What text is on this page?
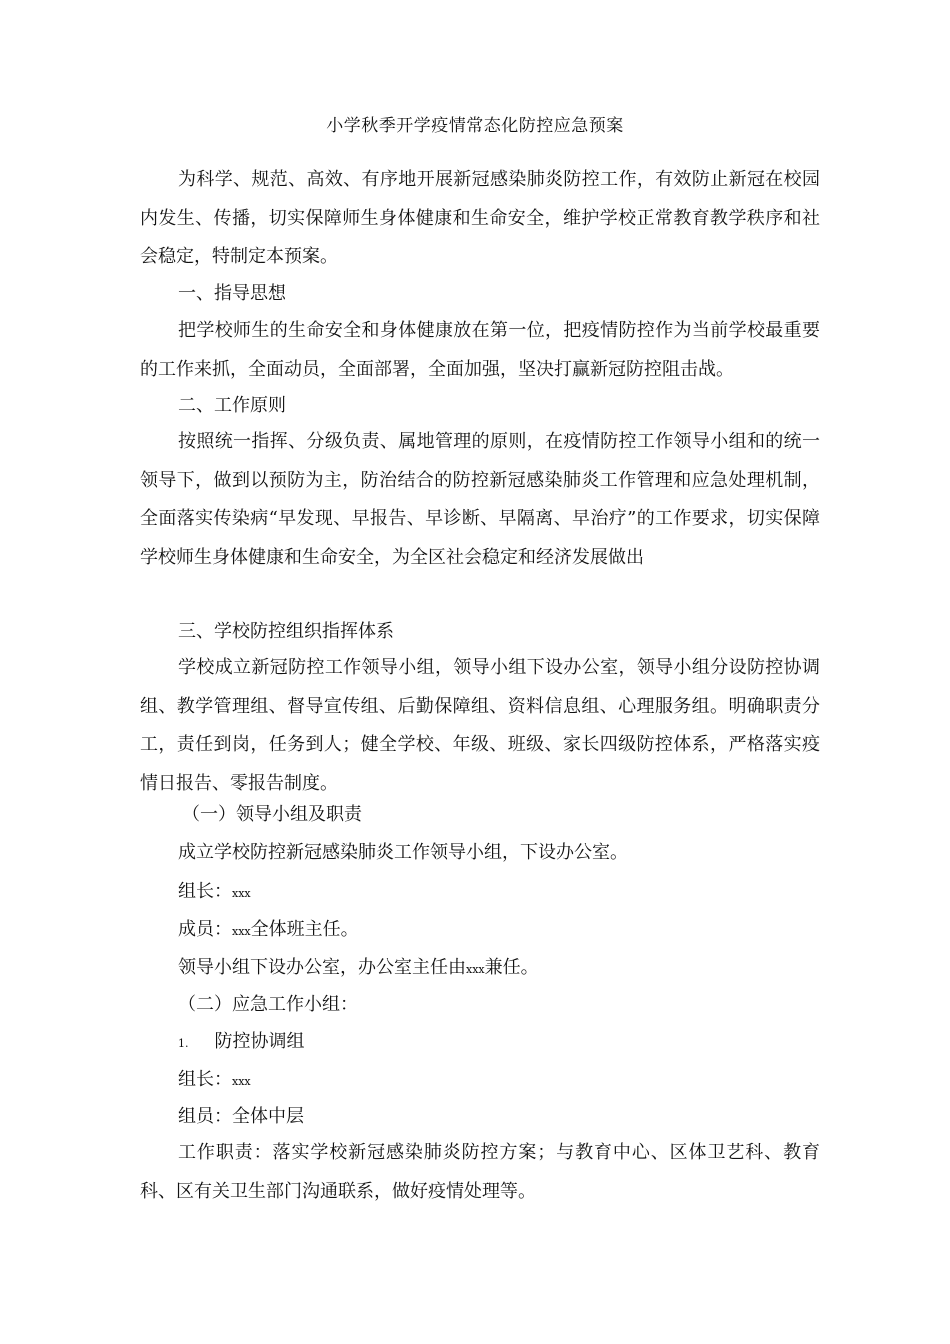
小学秋季开学疫情常态化防控应急预案
为科学、规范、高效、有序地开展新冠感染肺炎防控工作，有效防止新冠在校园内发生、传播，切实保障师生身体健康和生命安全，维护学校正常教育教学秩序和社会稳定，特制定本预案。
一、指导思想
把学校师生的生命安全和身体健康放在第一位，把疫情防控作为当前学校最重要的工作来抓，全面动员，全面部署，全面加强，坚决打赢新冠防控阻击战。
二、工作原则
按照统一指挥、分级负责、属地管理的原则，在疫情防控工作领导小组和的统一领导下，做到以预防为主，防治结合的防控新冠感染肺炎工作管理和应急处理机制，全面落实传染病“早发现、早报告、早诊断、早隔离、早治疗”的工作要求，切实保障学校师生身体健康和生命安全，为全区社会稳定和经济发展做出
三、学校防控组织指挥体系
学校成立新冠防控工作领导小组，领导小组下设办公室，领导小组分设防控协调组、教学管理组、督导宣传组、后勤保障组、资料信息组、心理服务组。明确职责分工，责任到岗，任务到人；健全学校、年级、班级、家长四级防控体系，严格落实疫情日报告、零报告制度。
（一）领导小组及职责
成立学校防控新冠感染肺炎工作领导小组，下设办公室。
组长：xxx
成员：xxx全体班主任。
领导小组下设办公室，办公室主任由xxx兼任。
（二）应急工作小组：
1. 防控协调组
组长：xxx
组员：全体中层
工作职责：落实学校新冠感染肺炎防控方案；与教育中心、区体卫艺科、教育科、区有关卫生部门沟通联系，做好疫情处理等。
